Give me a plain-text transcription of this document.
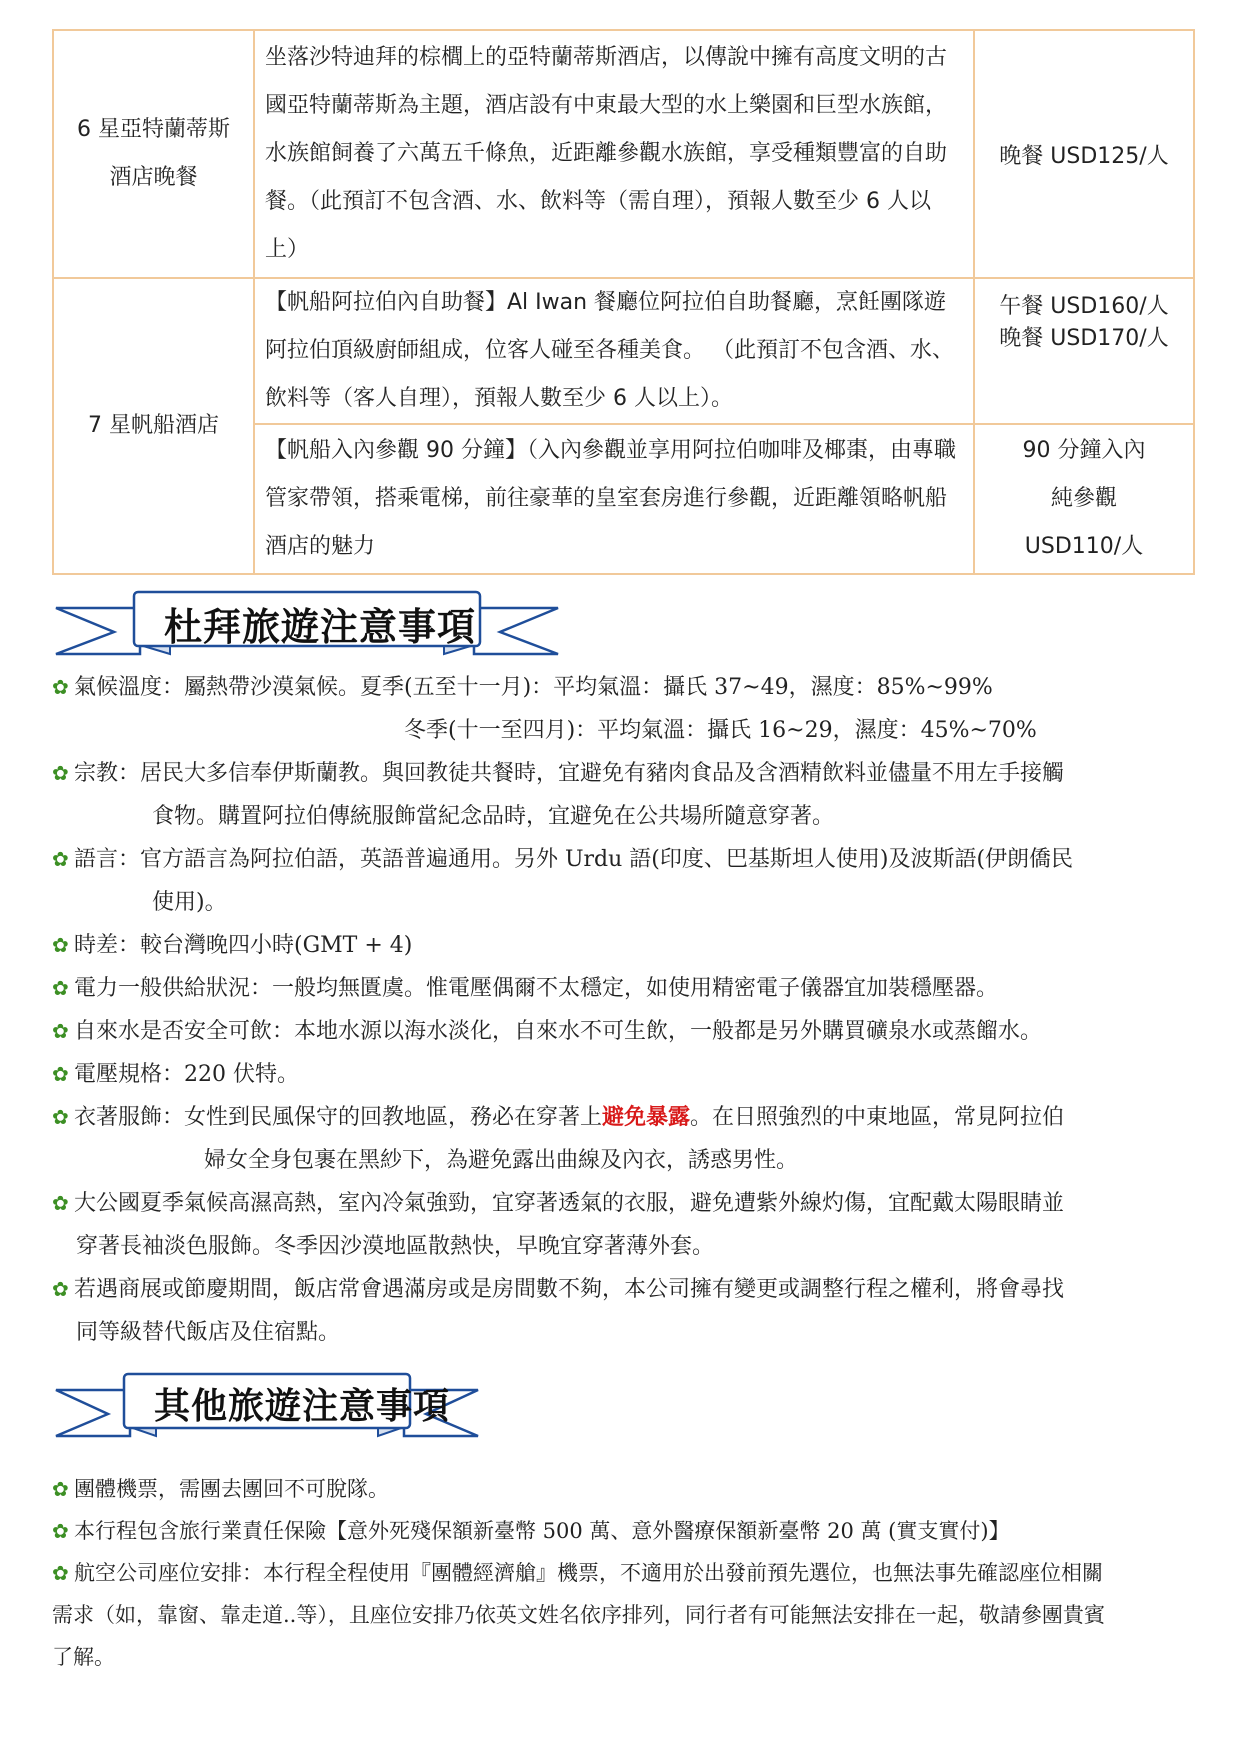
6 星亞特蘭蒂斯
酒店晚餐	坐落沙特迪拜的棕櫚上的亞特蘭蒂斯酒店，以傳說中擁有高度文明的古國亞特蘭蒂斯為主題，酒店設有中東最大型的水上樂園和巨型水族館， 水族館飼養了六萬五千條魚，近距離參觀水族館，享受種類豐富的自助餐。（此預訂不包含酒、水、飲料等（需自理），預報人數至少 6 人以上）	晚餐 USD125/人
7 星帆船酒店	【帆船阿拉伯內自助餐】Al Iwan 餐廳位阿拉伯自助餐廳，烹飪團隊遊阿拉伯頂級廚師組成，位客人碰至各種美食。 （此預訂不包含酒、水、飲料等（客人自理），預報人數至少 6 人以上）。	午餐 USD160/人
晚餐 USD170/人

	【帆船入內參觀 90 分鐘】（入內參觀並享用阿拉伯咖啡及椰棗，由專職管家帶領，搭乘電梯，前往豪華的皇室套房進行參觀，近距離領略帆船酒店的魅力	90 分鐘入內
純參觀
USD110/人
杜拜旅遊注意事項
✿ 氣候溫度：屬熱帶沙漠氣候。夏季(五至十一月)：平均氣溫：攝氏 37~49，濕度：85%~99%
冬季(十一至四月)：平均氣溫：攝氏 16~29，濕度：45%~70%
✿ 宗教：居民大多信奉伊斯蘭教。與回教徒共餐時，宜避免有豬肉食品及含酒精飲料並儘量不用左手接觸
食物。購置阿拉伯傳統服飾當紀念品時，宜避免在公共場所隨意穿著。
✿ 語言：官方語言為阿拉伯語，英語普遍通用。另外 Urdu 語(印度、巴基斯坦人使用)及波斯語(伊朗僑民
使用)。
✿ 時差：較台灣晚四小時(GMT + 4)
✿ 電力一般供給狀況：一般均無匱虞。惟電壓偶爾不太穩定，如使用精密電子儀器宜加裝穩壓器。
✿ 自來水是否安全可飲：本地水源以海水淡化，自來水不可生飲，一般都是另外購買礦泉水或蒸餾水。
✿ 電壓規格：220 伏特。
✿ 衣著服飾：女性到民風保守的回教地區，務必在穿著上避免暴露。在日照強烈的中東地區，常見阿拉伯
婦女全身包裹在黑紗下，為避免露出曲線及內衣，誘惑男性。
✿ 大公國夏季氣候高濕高熱，室內冷氣強勁，宜穿著透氣的衣服，避免遭紫外線灼傷，宜配戴太陽眼睛並
穿著長袖淡色服飾。冬季因沙漠地區散熱快，早晚宜穿著薄外套。
✿ 若遇商展或節慶期間，飯店常會遇滿房或是房間數不夠，本公司擁有變更或調整行程之權利，將會尋找
同等級替代飯店及住宿點。
其他旅遊注意事項
✿ 團體機票，需團去團回不可脫隊。
✿ 本行程包含旅行業責任保險【意外死殘保額新臺幣 500 萬、意外醫療保額新臺幣 20 萬 (實支實付)】
✿ 航空公司座位安排：本行程全程使用『團體經濟艙』機票，不適用於出發前預先選位，也無法事先確認座位相關
需求（如，靠窗、靠走道..等），且座位安排乃依英文姓名依序排列，同行者有可能無法安排在一起，敬請參團貴賓
了解。
